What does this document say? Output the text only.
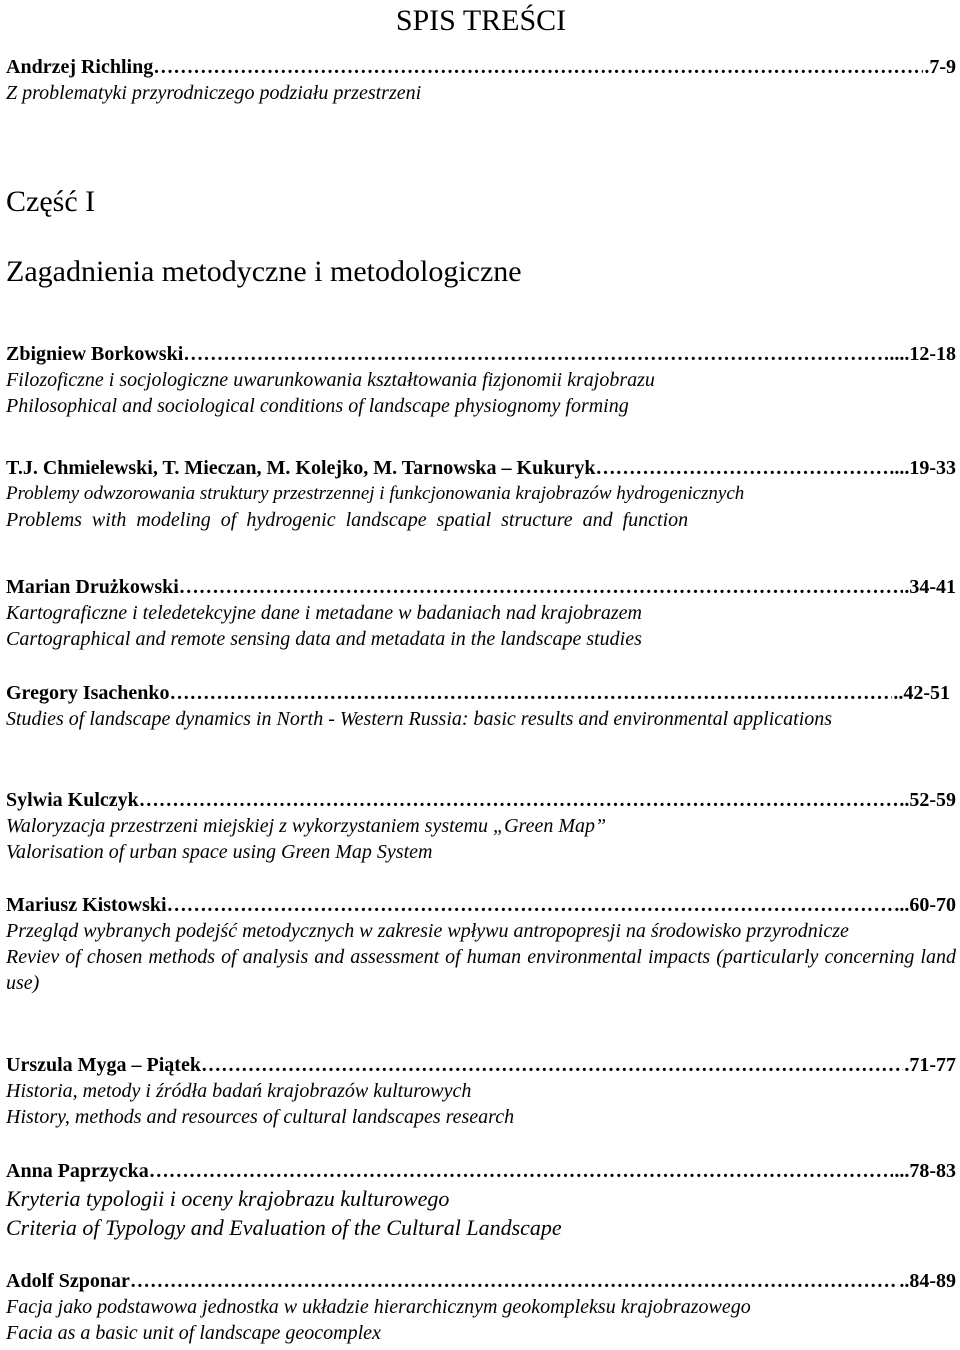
SPIS TREŚCI
Andrzej Richling …………………………………………………………………………………………………………………………………………………………………………………………………	.7-9
Z problematyki przyrodniczego podziału przestrzeni
Część I
Zagadnienia metodyczne i metodologiczne
Zbigniew Borkowski …………………………………………………………………………………………………………………………………………………………………………………………………	....12-18
Filozoficzne i socjologiczne uwarunkowania kształtowania fizjonomii krajobrazu
Philosophical and sociological conditions of landscape physiognomy forming
T.J. Chmielewski, T. Mieczan, M. Kolejko, M. Tarnowska – Kukuryk …………………………………………………………………………………………………………………………………………………………………………………………………	....19-33
Problemy odwzorowania struktury przestrzennej i funkcjonowania krajobrazów hydrogenicznych
Problems with modeling of hydrogenic landscape spatial structure and function
Marian Drużkowski …………………………………………………………………………………………………………………………………………………………………………………………………	.34-41
Kartograficzne i teledetekcyjne dane i metadane w badaniach nad krajobrazem
Cartographical and remote sensing data and metadata in the landscape studies
Gregory Isachenko …………………………………………………………………………………………………………………………………………………………………………………………………	..42-51
Studies of landscape dynamics in North - Western Russia: basic results and environmental applications
Sylwia Kulczyk …………………………………………………………………………………………………………………………………………………………………………………………………	..52-59
Waloryzacja przestrzeni miejskiej z wykorzystaniem systemu „Green Map”
Valorisation of urban space using Green Map System
Mariusz Kistowski …………………………………………………………………………………………………………………………………………………………………………………………………	...60-70
Przegląd wybranych podejść metodycznych w zakresie wpływu antropopresji na środowisko przyrodnicze
Reviev of chosen methods of analysis and assessment of human environmental impacts (particularly concerning land use)
Urszula Myga – Piątek …………………………………………………………………………………………………………………………………………………………………………………………………	.71-77
Historia, metody i źródła badań krajobrazów kulturowych
History, methods and resources of cultural landscapes research
Anna Paprzycka …………………………………………………………………………………………………………………………………………………………………………………………………	...78-83
Kryteria typologii i oceny krajobrazu kulturowego
Criteria of Typology and Evaluation of the Cultural Landscape
Adolf Szponar …………………………………………………………………………………………………………………………………………………………………………………………………	..84-89
Facja jako podstawowa jednostka w układzie hierarchicznym geokompleksu krajobrazowego
Facia as a basic unit of landscape geocomplex
